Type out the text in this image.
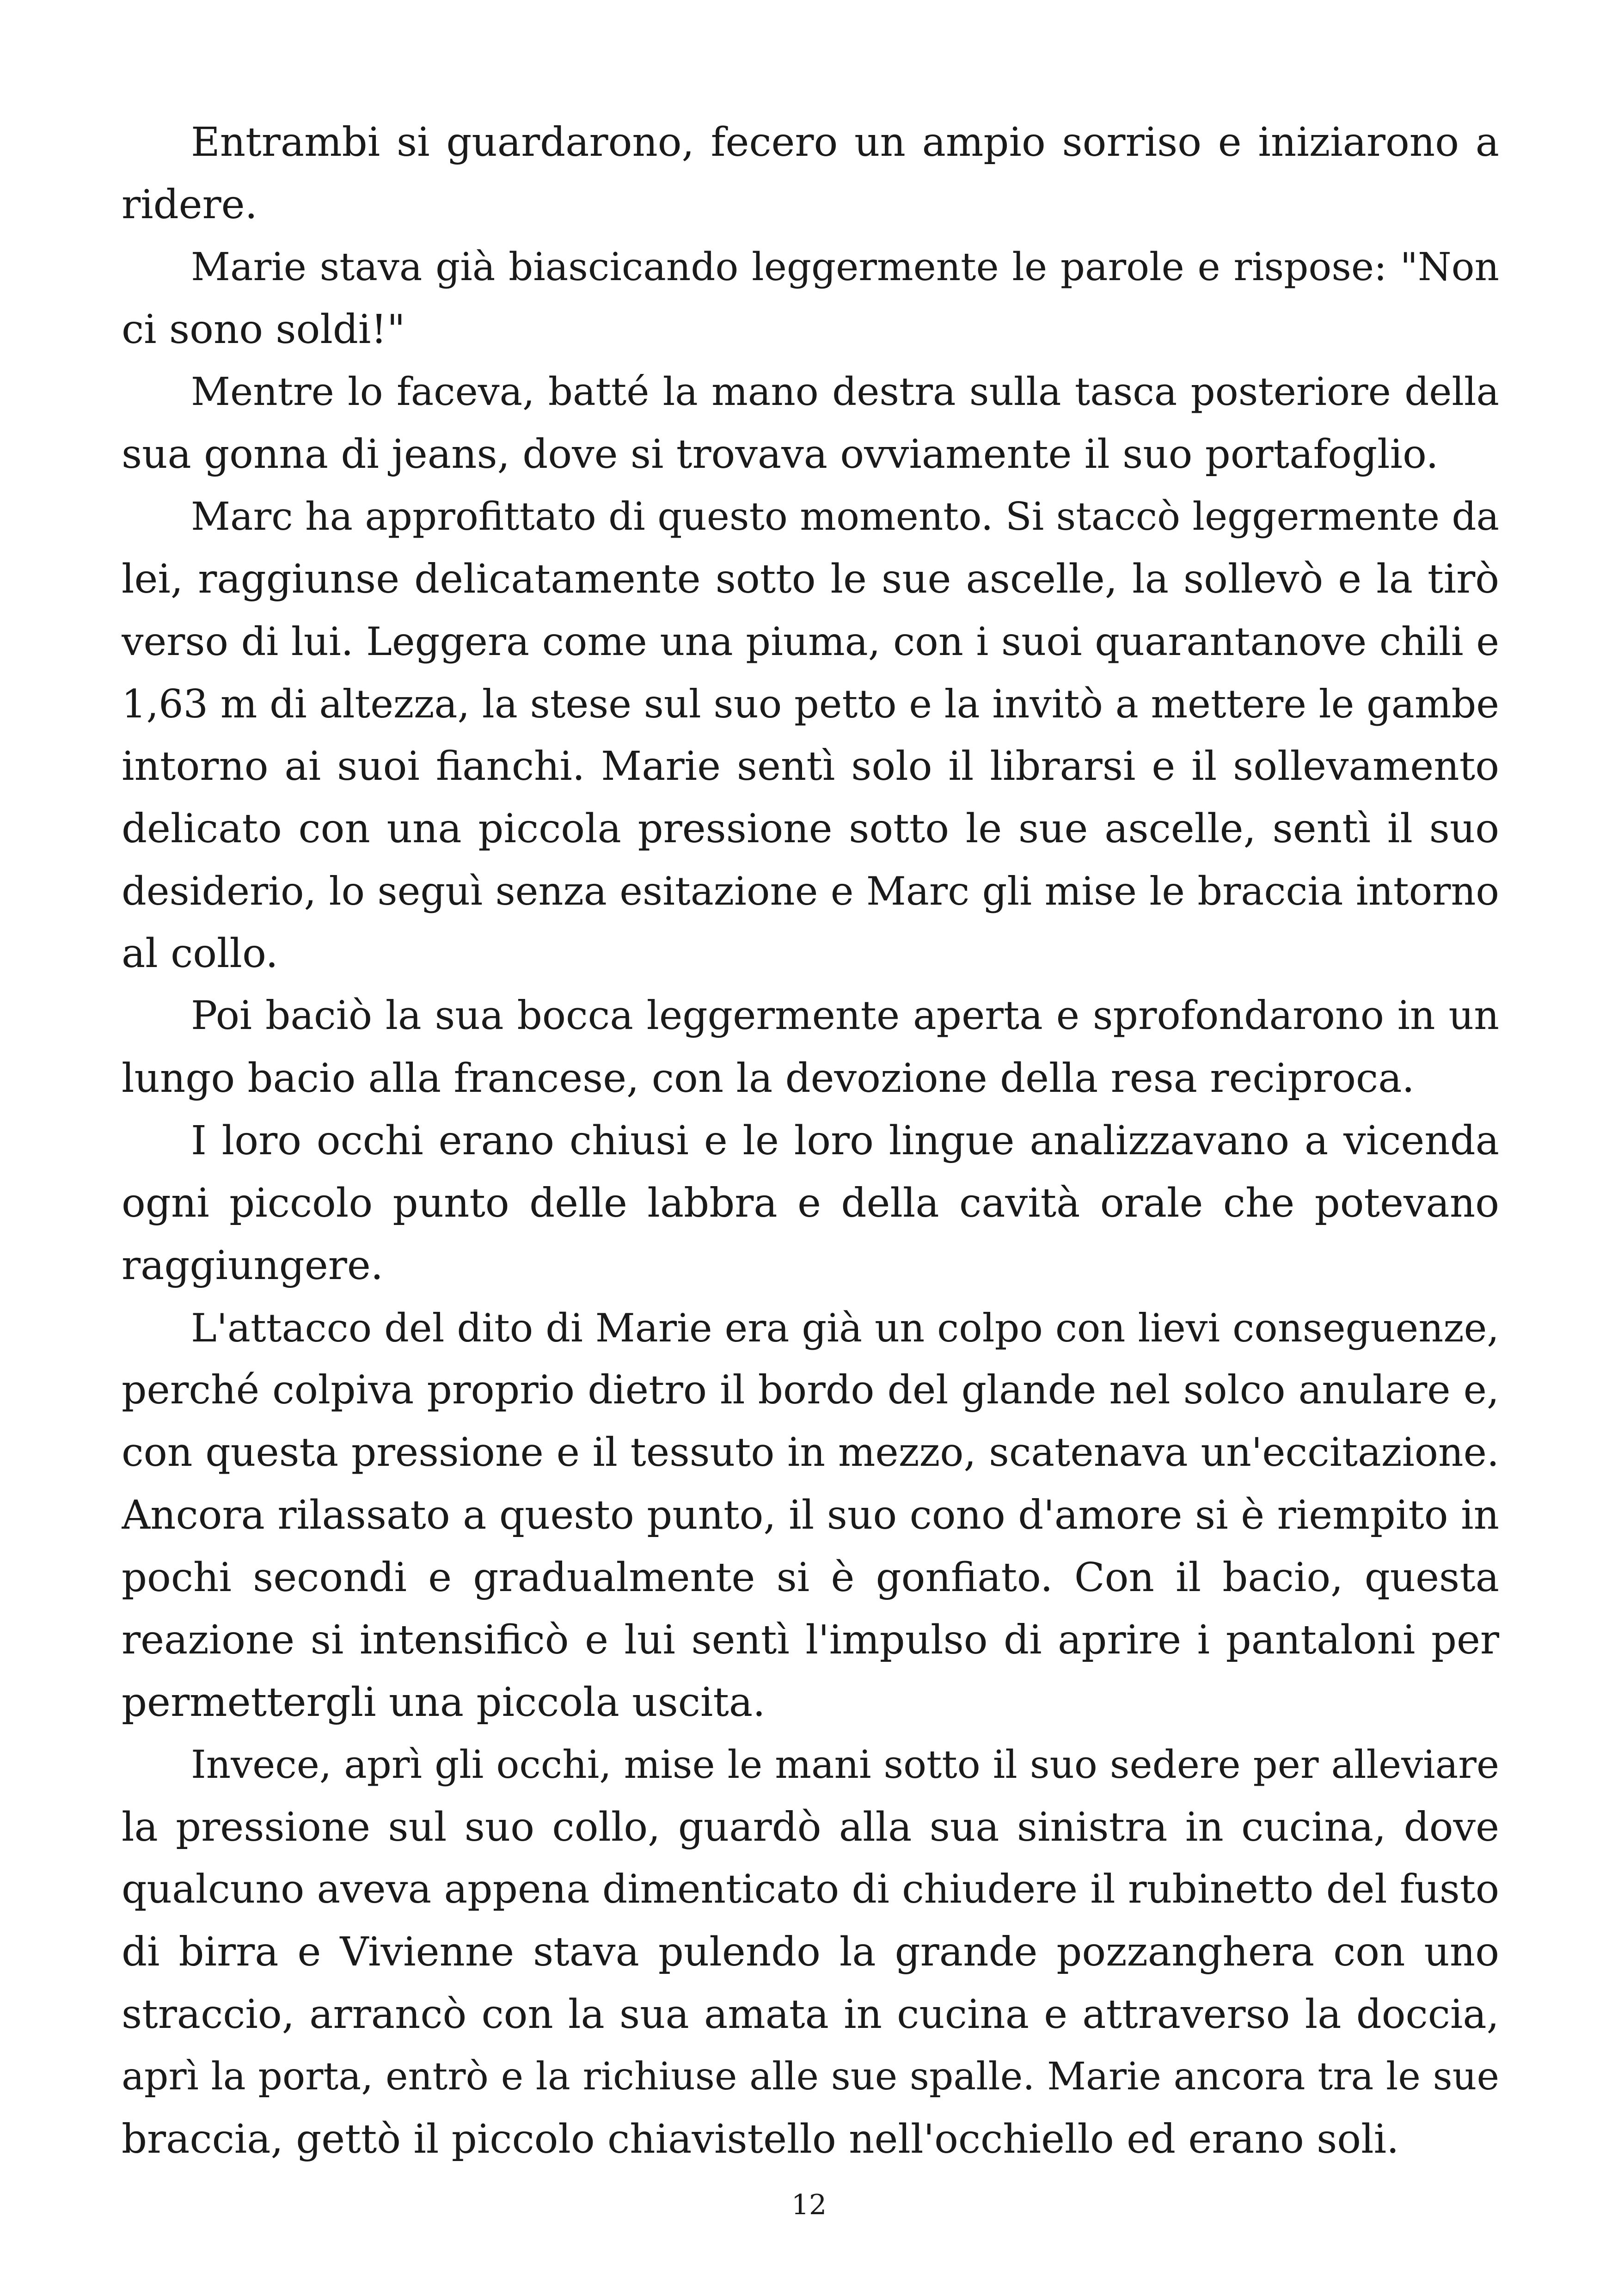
Entrambi si guardarono, fecero un ampio sorriso e iniziarono a
ridere.
Marie stava già biascicando leggermente le parole e rispose: "Non
ci sono soldi!"
Mentre lo faceva, batté la mano destra sulla tasca posteriore della
sua gonna di jeans, dove si trovava ovviamente il suo portafoglio.
Marc ha approfittato di questo momento. Si staccò leggermente da
lei, raggiunse delicatamente sotto le sue ascelle, la sollevò e la tirò
verso di lui. Leggera come una piuma, con i suoi quarantanove chili e
1,63 m di altezza, la stese sul suo petto e la invitò a mettere le gambe
intorno ai suoi fianchi. Marie sentì solo il librarsi e il sollevamento
delicato con una piccola pressione sotto le sue ascelle, sentì il suo
desiderio, lo seguì senza esitazione e Marc gli mise le braccia intorno
al collo.
Poi baciò la sua bocca leggermente aperta e sprofondarono in un
lungo bacio alla francese, con la devozione della resa reciproca.
I loro occhi erano chiusi e le loro lingue analizzavano a vicenda
ogni piccolo punto delle labbra e della cavità orale che potevano
raggiungere.
L'attacco del dito di Marie era già un colpo con lievi conseguenze,
perché colpiva proprio dietro il bordo del glande nel solco anulare e,
con questa pressione e il tessuto in mezzo, scatenava un'eccitazione.
Ancora rilassato a questo punto, il suo cono d'amore si è riempito in
pochi secondi e gradualmente si è gonfiato. Con il bacio, questa
reazione si intensificò e lui sentì l'impulso di aprire i pantaloni per
permettergli una piccola uscita.
Invece, aprì gli occhi, mise le mani sotto il suo sedere per alleviare
la pressione sul suo collo, guardò alla sua sinistra in cucina, dove
qualcuno aveva appena dimenticato di chiudere il rubinetto del fusto
di birra e Vivienne stava pulendo la grande pozzanghera con uno
straccio, arrancò con la sua amata in cucina e attraverso la doccia,
aprì la porta, entrò e la richiuse alle sue spalle. Marie ancora tra le sue
braccia, gettò il piccolo chiavistello nell'occhiello ed erano soli.
12
